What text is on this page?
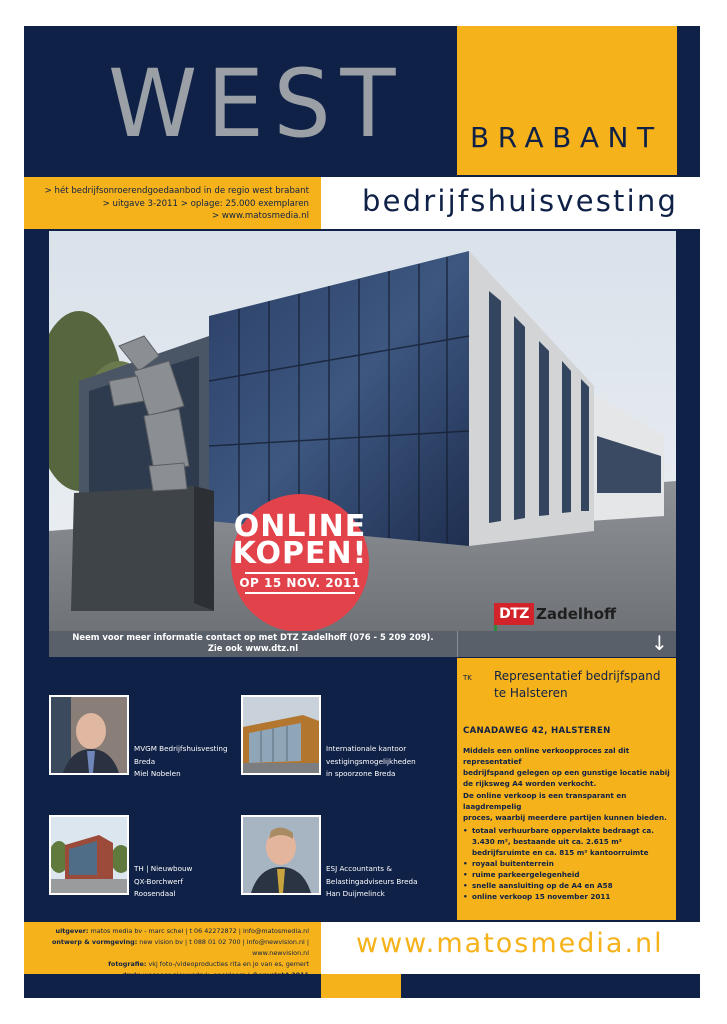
WEST BRABANT
> hét bedrijfsonroerendgoedaanbod in de regio west brabant
> uitgave 3-2011 > oplage: 25.000 exemplaren
> www.matosmedia.nl bedrijfshuisvesting
ONLINE
KOPEN!
OP 15 NOV. 2011
DTZ Zadelhoff
Neem voor meer informatie contact op met DTZ Zadelhoff (076 - 5 209 209).
Zie ook www.dtz.nl	↓
TK Representatief bedrijfspand
te Halsteren
CANADAWEG 42, HALSTEREN
Middels een online verkoopproces zal dit representatief
bedrijfspand gelegen op een gunstige locatie nabij
de rijksweg A4 worden verkocht.
De online verkoop is een transparant en laagdrempelig
proces, waarbij meerdere partijen kunnen bieden.
• totaal verhuurbare oppervlakte bedraagt ca. 3.430 m², bestaande uit ca. 2.615 m² bedrijfsruimte en ca. 815 m² kantoorruimte
• royaal buitenterrein
• ruime parkeergelegenheid
• snelle aansluiting op de A4 en A58
• online verkoop 15 november 2011
MVGM Bedrijfshuisvesting
Breda
Miel Nobelen
Internationale kantoor
vestigingsmogelijkheden
in spoorzone Breda
TH | Nieuwbouw
QX-Borchwerf
Roosendaal
ESJ Accountants &
Belastingadviseurs Breda
Han Duijmelinck
uitgever: matos media bv - marc schel | t 06 42272872 | info@matosmedia.nl
ontwerp & vormgeving: new vision bv | t 088 01 02 700 | info@newvision.nl | www.newvision.nl
fotografie: vkj foto-/videoproducties rita en jo van es, gemert
druk: wegener nieuwsdruk, apeldoorn | ©opyright 2011
www.matosmedia.nl
